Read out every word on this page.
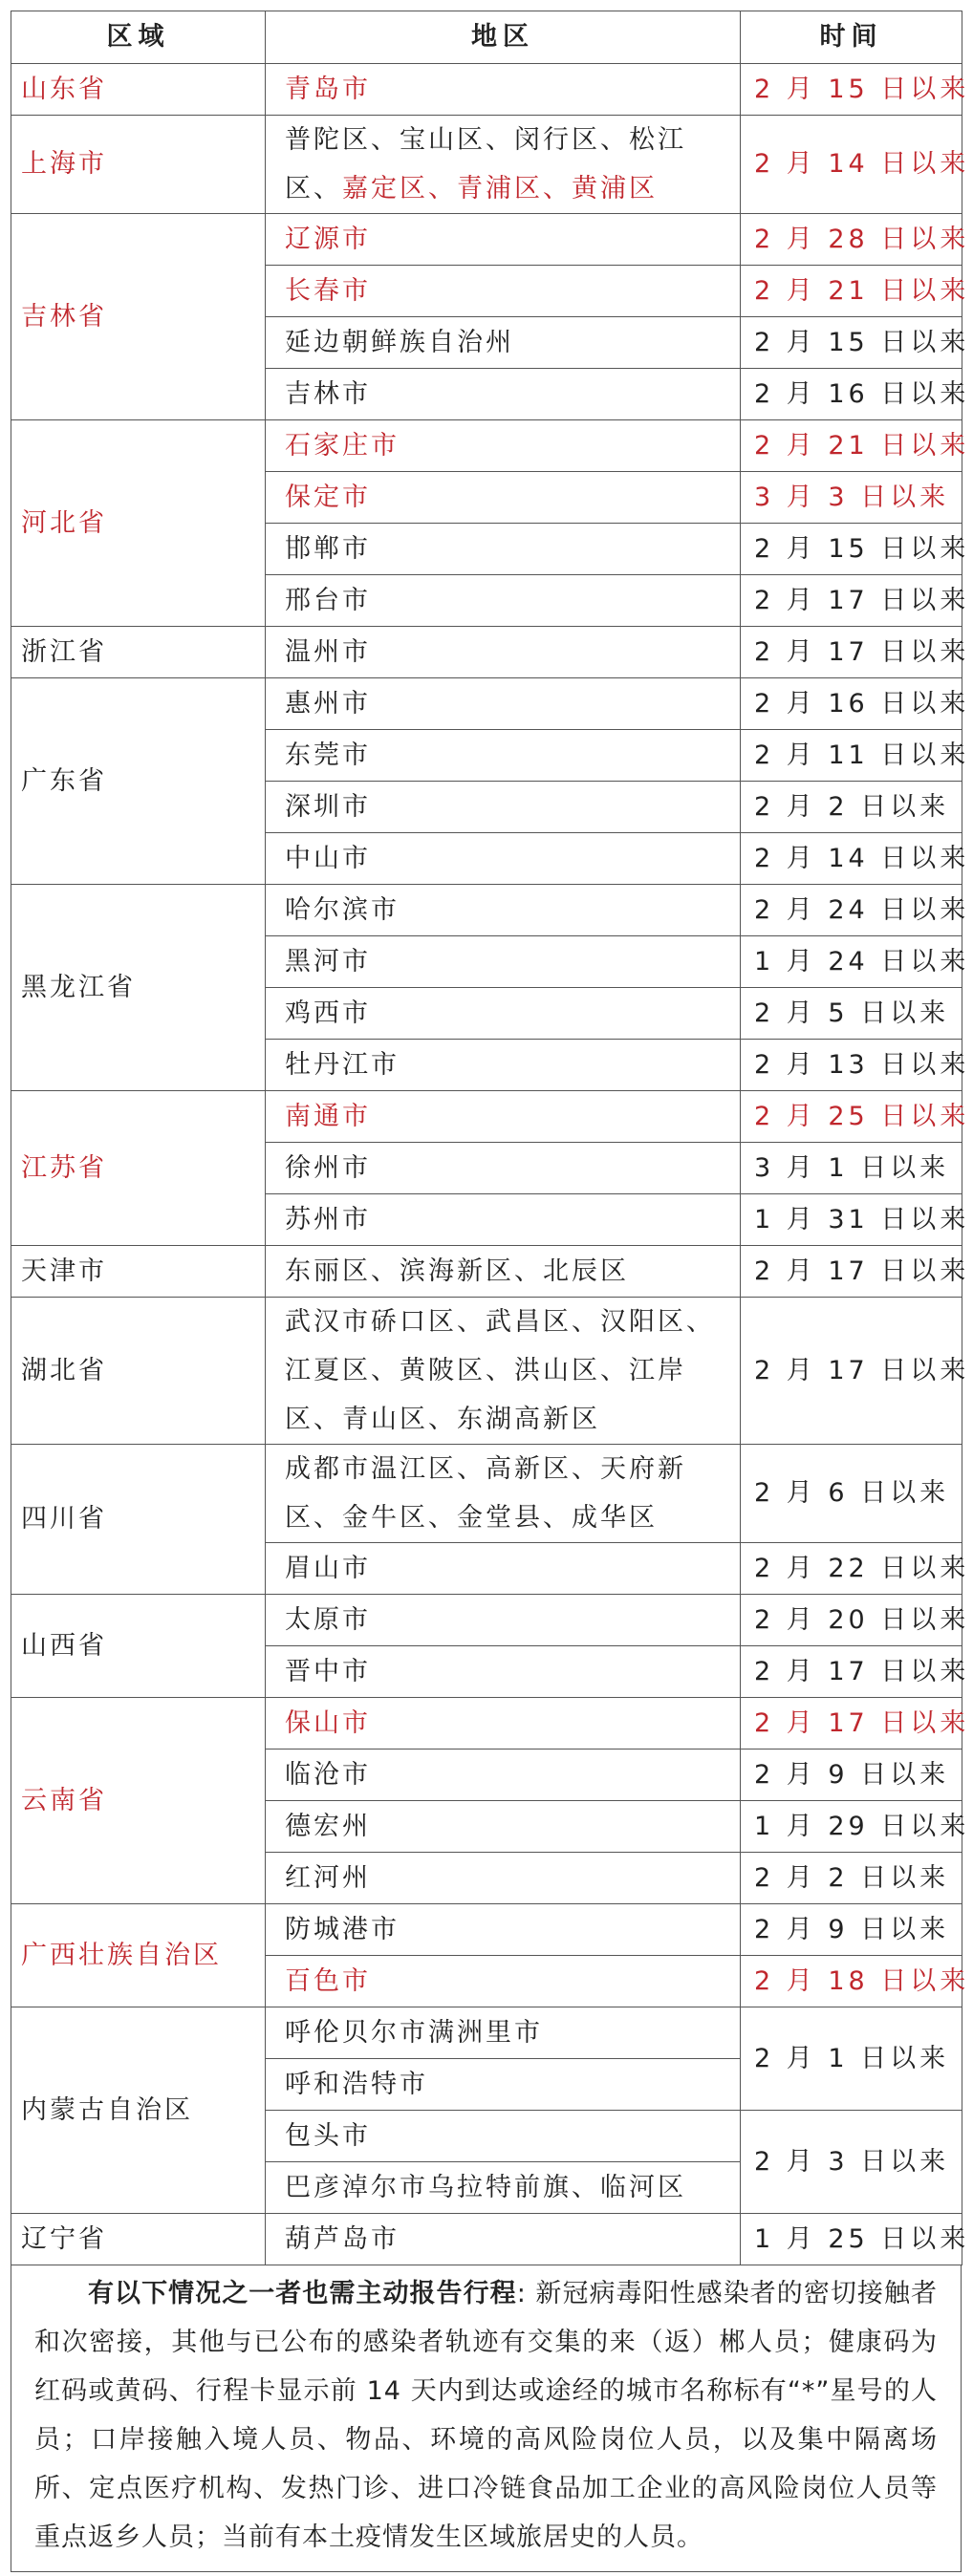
区域	地区	时间
山东省	青岛市	2 月 15 日以来
上海市	普陀区、宝山区、闵行区、松江区、嘉定区、青浦区、黄浦区	2 月 14 日以来
吉林省	辽源市	2 月 28 日以来

	长春市	2 月 21 日以来

	延边朝鲜族自治州	2 月 15 日以来

	吉林市	2 月 16 日以来
河北省	石家庄市	2 月 21 日以来

	保定市	3 月 3 日以来

	邯郸市	2 月 15 日以来

	邢台市	2 月 17 日以来
浙江省	温州市	2 月 17 日以来
广东省	惠州市	2 月 16 日以来

	东莞市	2 月 11 日以来

	深圳市	2 月 2 日以来

	中山市	2 月 14 日以来
黑龙江省	哈尔滨市	2 月 24 日以来

	黑河市	1 月 24 日以来

	鸡西市	2 月 5 日以来

	牡丹江市	2 月 13 日以来
江苏省	南通市	2 月 25 日以来

	徐州市	3 月 1 日以来

	苏州市	1 月 31 日以来
天津市	东丽区、滨海新区、北辰区	2 月 17 日以来
湖北省	武汉市硚口区、武昌区、汉阳区、
江夏区、黄陂区、洪山区、江岸
区、青山区、东湖高新区	2 月 17 日以来
四川省	成都市温江区、高新区、天府新
区、金牛区、金堂县、成华区	2 月 6 日以来

	眉山市	2 月 22 日以来
山西省	太原市	2 月 20 日以来

	晋中市	2 月 17 日以来
云南省	保山市	2 月 17 日以来

	临沧市	2 月 9 日以来

	德宏州	1 月 29 日以来

	红河州	2 月 2 日以来
广西壮族自治区	防城港市	2 月 9 日以来

	百色市	2 月 18 日以来
内蒙古自治区	呼伦贝尔市满洲里市	2 月 1 日以来

	呼和浩特市	

	包头市	2 月 3 日以来

	巴彦淖尔市乌拉特前旗、临河区	

辽宁省	葫芦岛市	1 月 25 日以来
有以下情况之一者也需主动报告行程: 新冠病毒阳性感染者的密切接触者和次密接，其他与已公布的感染者轨迹有交集的来（返）郴人员；健康码为红码或黄码、行程卡显示前 14 天内到达或途经的城市名称标有“*”星号的人员；口岸接触入境人员、物品、环境的高风险岗位人员，以及集中隔离场所、定点医疗机构、发热门诊、进口冷链食品加工企业的高风险岗位人员等重点返乡人员；当前有本土疫情发生区域旅居史的人员。
